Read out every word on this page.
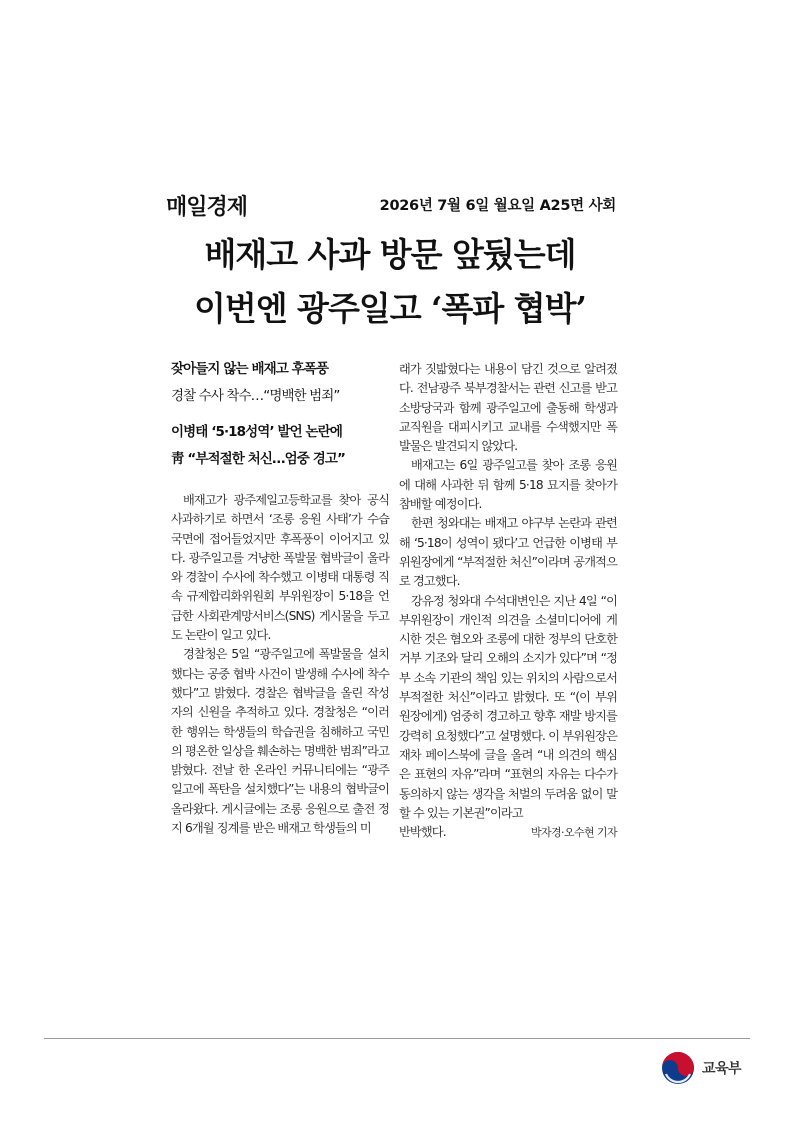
매일경제	2026년 7월 6일 월요일 A25면 사회
배재고 사과 방문 앞뒀는데
이번엔 광주일고 ‘폭파 협박’
잦아들지 않는 배재고 후폭풍
경찰 수사 착수…“명백한 범죄”
이병태 ‘5·18성역’ 발언 논란에
靑 “부적절한 처신…엄중 경고”

배재고가 광주제일고등학교를 찾아 공식 사과하기로 하면서 ‘조롱 응원 사태’가 수습 국면에 접어들었지만 후폭풍이 이어지고 있다. 광주일고를 겨냥한 폭발물 협박글이 올라와 경찰이 수사에 착수했고 이병태 대통령 직속 규제합리화위원회 부위원장이 5·18을 언급한 사회관계망서비스(SNS) 게시물을 두고도 논란이 일고 있다.

경찰청은 5일 “광주일고에 폭발물을 설치했다는 공중 협박 사건이 발생해 수사에 착수했다”고 밝혔다. 경찰은 협박글을 올린 작성자의 신원을 추적하고 있다. 경찰청은 “이러한 행위는 학생들의 학습권을 침해하고 국민의 평온한 일상을 훼손하는 명백한 범죄”라고 밝혔다. 전날 한 온라인 커뮤니티에는 “광주일고에 폭탄을 설치했다”는 내용의 협박글이 올라왔다. 게시글에는 조롱 응원으로 출전 정지 6개월 징계를 받은 배재고 학생들의 미

래가 짓밟혔다는 내용이 담긴 것으로 알려졌다. 전남광주 북부경찰서는 관련 신고를 받고 소방당국과 함께 광주일고에 출동해 학생과 교직원을 대피시키고 교내를 수색했지만 폭발물은 발견되지 않았다.

배재고는 6일 광주일고를 찾아 조롱 응원에 대해 사과한 뒤 함께 5·18 묘지를 찾아가 참배할 예정이다.

한편 청와대는 배재고 야구부 논란과 관련해 ‘5·18이 성역이 됐다’고 언급한 이병태 부위원장에게 “부적절한 처신”이라며 공개적으로 경고했다.

강유정 청와대 수석대변인은 지난 4일 “이 부위원장이 개인적 의견을 소셜미디어에 게시한 것은 혐오와 조롱에 대한 정부의 단호한 거부 기조와 달리 오해의 소지가 있다”며 “정부 소속 기관의 책임 있는 위치의 사람으로서 부적절한 처신”이라고 밝혔다. 또 “(이 부위원장에게) 엄중히 경고하고 향후 재발 방지를 강력히 요청했다”고 설명했다. 이 부위원장은 재차 페이스북에 글을 올려 “내 의견의 핵심은 표현의 자유”라며 “표현의 자유는 다수가 동의하지 않는 생각을 처벌의 두려움 없이 말할 수 있는 기본권”이라고

반박했다.	박자경·오수현 기자
교육부
